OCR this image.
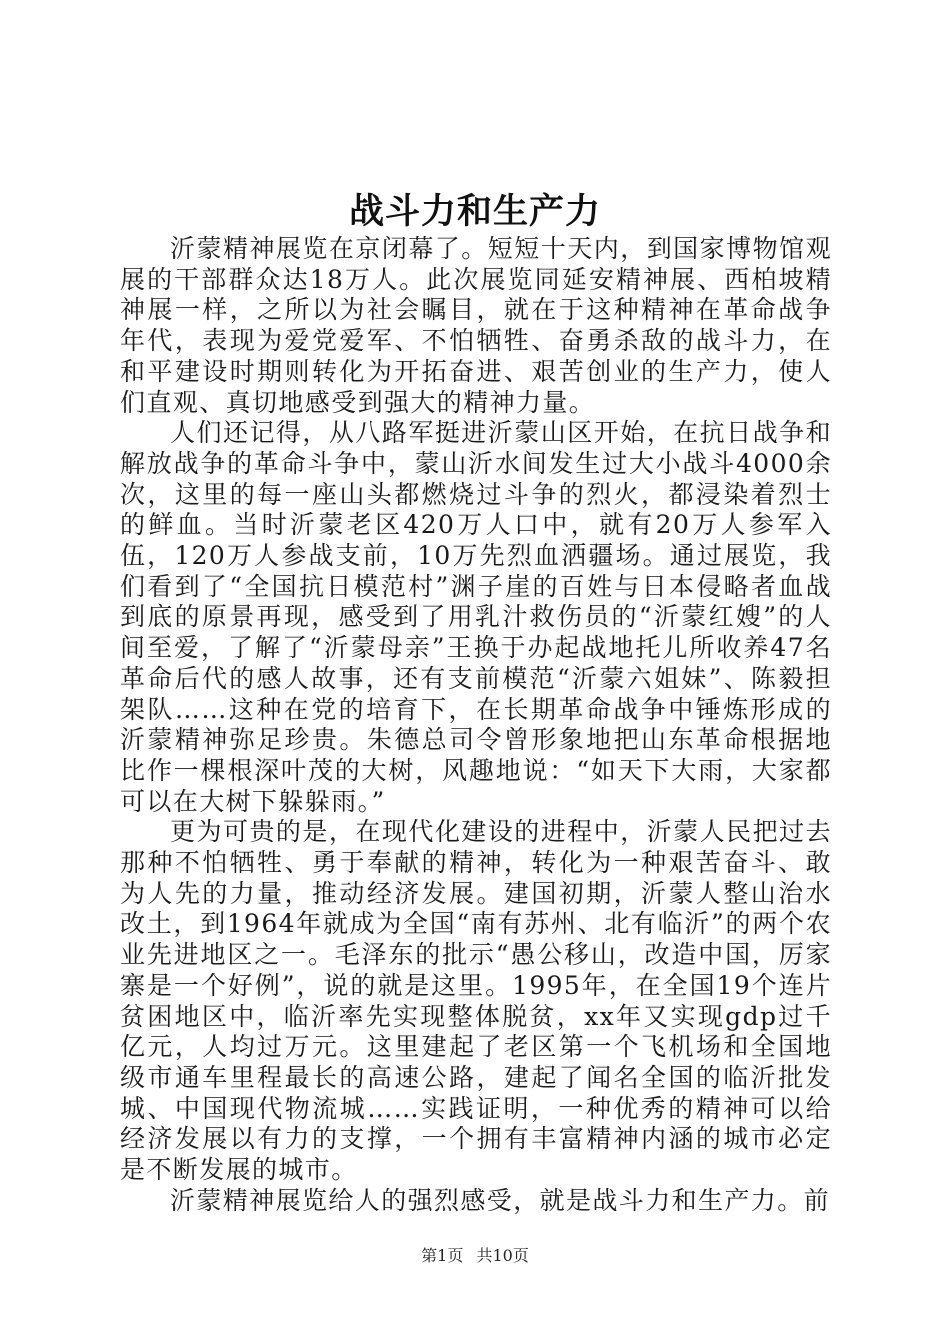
战斗力和生产力

沂蒙精神展览在京闭幕了。短短十天内，到国家博物馆观展的干部群众达18万人。此次展览同延安精神展、西柏坡精神展一样，之所以为社会瞩目，就在于这种精神在革命战争年代，表现为爱党爱军、不怕牺牲、奋勇杀敌的战斗力，在和平建设时期则转化为开拓奋进、艰苦创业的生产力，使人们直观、真切地感受到强大的精神力量。

人们还记得，从八路军挺进沂蒙山区开始，在抗日战争和解放战争的革命斗争中，蒙山沂水间发生过大小战斗4000余次，这里的每一座山头都燃烧过斗争的烈火，都浸染着烈士的鲜血。当时沂蒙老区420万人口中，就有20万人参军入伍，120万人参战支前，10万先烈血洒疆场。通过展览，我们看到了“全国抗日模范村”渊子崖的百姓与日本侵略者血战到底的原景再现，感受到了用乳汁救伤员的“沂蒙红嫂”的人间至爱，了解了“沂蒙母亲”王换于办起战地托儿所收养47名革命后代的感人故事，还有支前模范“沂蒙六姐妹”、陈毅担架队……这种在党的培育下，在长期革命战争中锤炼形成的沂蒙精神弥足珍贵。朱德总司令曾形象地把山东革命根据地比作一棵根深叶茂的大树，风趣地说：“如天下大雨，大家都可以在大树下躲躲雨。”

更为可贵的是，在现代化建设的进程中，沂蒙人民把过去那种不怕牺牲、勇于奉献的精神，转化为一种艰苦奋斗、敢为人先的力量，推动经济发展。建国初期，沂蒙人整山治水改土，到1964年就成为全国“南有苏州、北有临沂”的两个农业先进地区之一。毛泽东的批示“愚公移山，改造中国，厉家寨是一个好例”，说的就是这里。1995年，在全国19个连片贫困地区中，临沂率先实现整体脱贫，xx年又实现gdp过千亿元，人均过万元。这里建起了老区第一个飞机场和全国地级市通车里程最长的高速公路，建起了闻名全国的临沂批发城、中国现代物流城……实践证明，一种优秀的精神可以给经济发展以有力的支撑，一个拥有丰富精神内涵的城市必定是不断发展的城市。

沂蒙精神展览给人的强烈感受，就是战斗力和生产力。前

第1页 共10页
